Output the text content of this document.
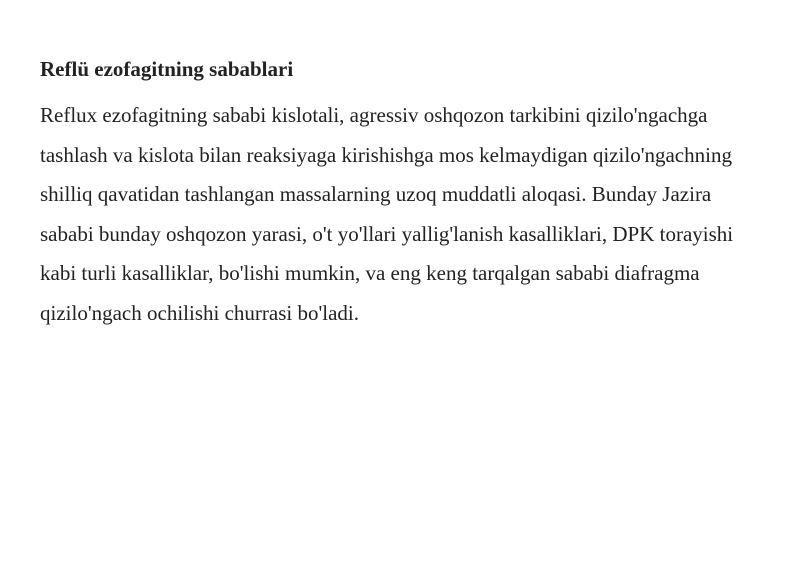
Reflü ezofagitning sabablari

Reflux ezofagitning sababi kislotali, agressiv oshqozon tarkibini qizilo'ngachga tashlash va kislota bilan reaksiyaga kirishishga mos kelmaydigan qizilo'ngachning shilliq qavatidan tashlangan massalarning uzoq muddatli aloqasi. Bunday Jazira sababi bunday oshqozon yarasi, o't yo'llari yallig'lanish kasalliklari, DPK torayishi kabi turli kasalliklar, bo'lishi mumkin, va eng keng tarqalgan sababi diafragma qizilo'ngach ochilishi churrasi bo'ladi.
